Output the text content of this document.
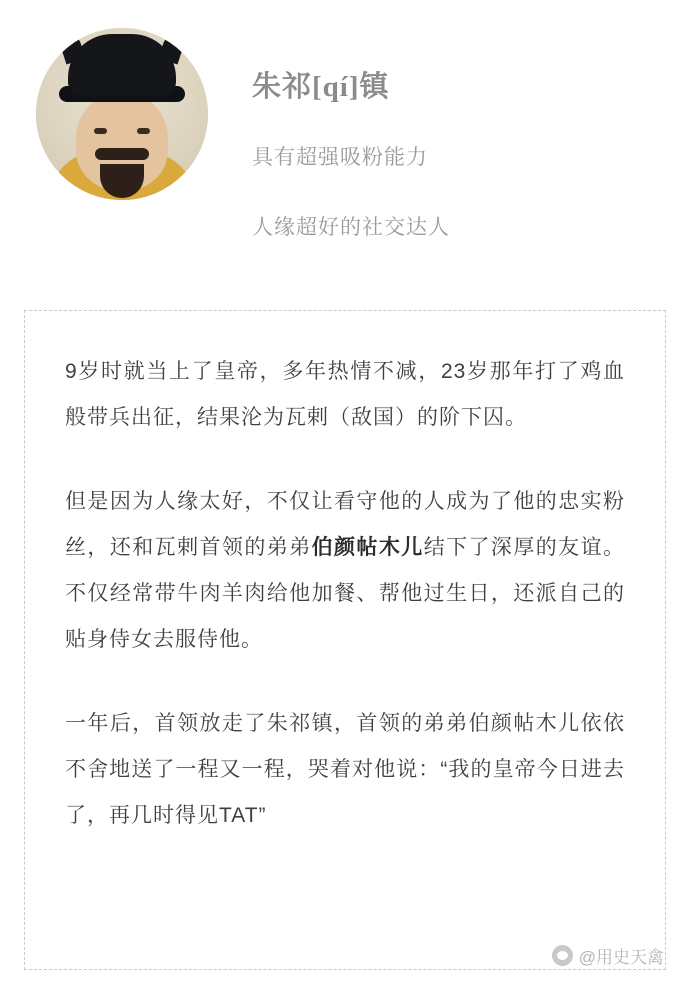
朱祁[qí]镇
具有超强吸粉能力
人缘超好的社交达人

9岁时就当上了皇帝，多年热情不减，23岁那年打了鸡血般带兵出征，结果沦为瓦剌（敌国）的阶下囚。

但是因为人缘太好，不仅让看守他的人成为了他的忠实粉丝，还和瓦剌首领的弟弟伯颜帖木儿结下了深厚的友谊。不仅经常带牛肉羊肉给他加餐、帮他过生日，还派自己的贴身侍女去服侍他。

一年后，首领放走了朱祁镇，首领的弟弟伯颜帖木儿依依不舍地送了一程又一程，哭着对他说：“我的皇帝今日进去了，再几时得见TAT”

@用史天禽
